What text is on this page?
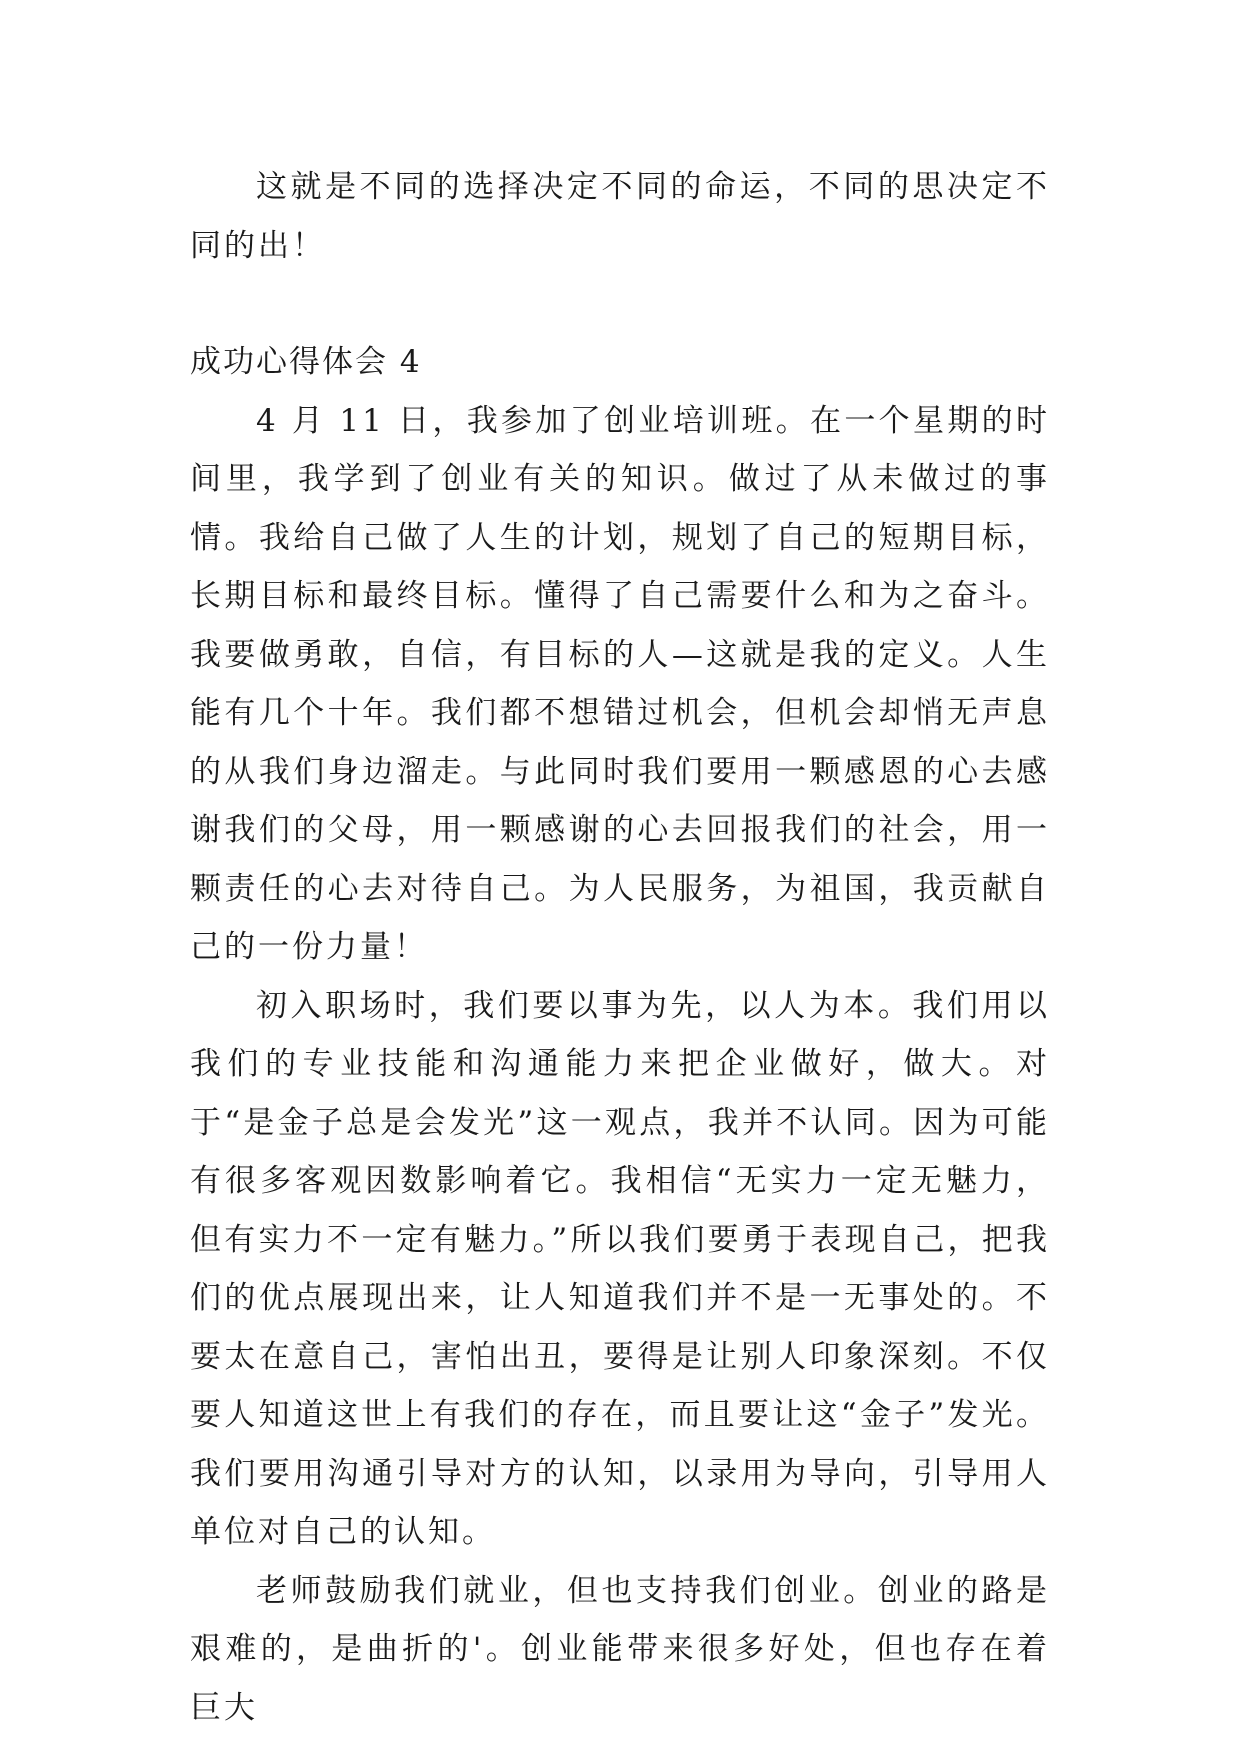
这就是不同的选择决定不同的命运，不同的思决定不同的出！

成功心得体会 4

4 月 11 日，我参加了创业培训班。在一个星期的时间里，我学到了创业有关的知识。做过了从未做过的事情。我给自己做了人生的计划，规划了自己的短期目标，长期目标和最终目标。懂得了自己需要什么和为之奋斗。我要做勇敢，自信，有目标的人—这就是我的定义。人生能有几个十年。我们都不想错过机会，但机会却悄无声息的从我们身边溜走。与此同时我们要用一颗感恩的心去感谢我们的父母，用一颗感谢的心去回报我们的社会，用一颗责任的心去对待自己。为人民服务，为祖国，我贡献自己的一份力量！

初入职场时，我们要以事为先，以人为本。我们用以我们的专业技能和沟通能力来把企业做好，做大。对于“是金子总是会发光”这一观点，我并不认同。因为可能有很多客观因数影响着它。我相信“无实力一定无魅力，但有实力不一定有魅力。”所以我们要勇于表现自己，把我们的优点展现出来，让人知道我们并不是一无事处的。不要太在意自己，害怕出丑，要得是让别人印象深刻。不仅要人知道这世上有我们的存在，而且要让这“金子”发光。我们要用沟通引导对方的认知，以录用为导向，引导用人单位对自己的认知。

老师鼓励我们就业，但也支持我们创业。创业的路是艰难的，是曲折的'。创业能带来很多好处，但也存在着巨大
